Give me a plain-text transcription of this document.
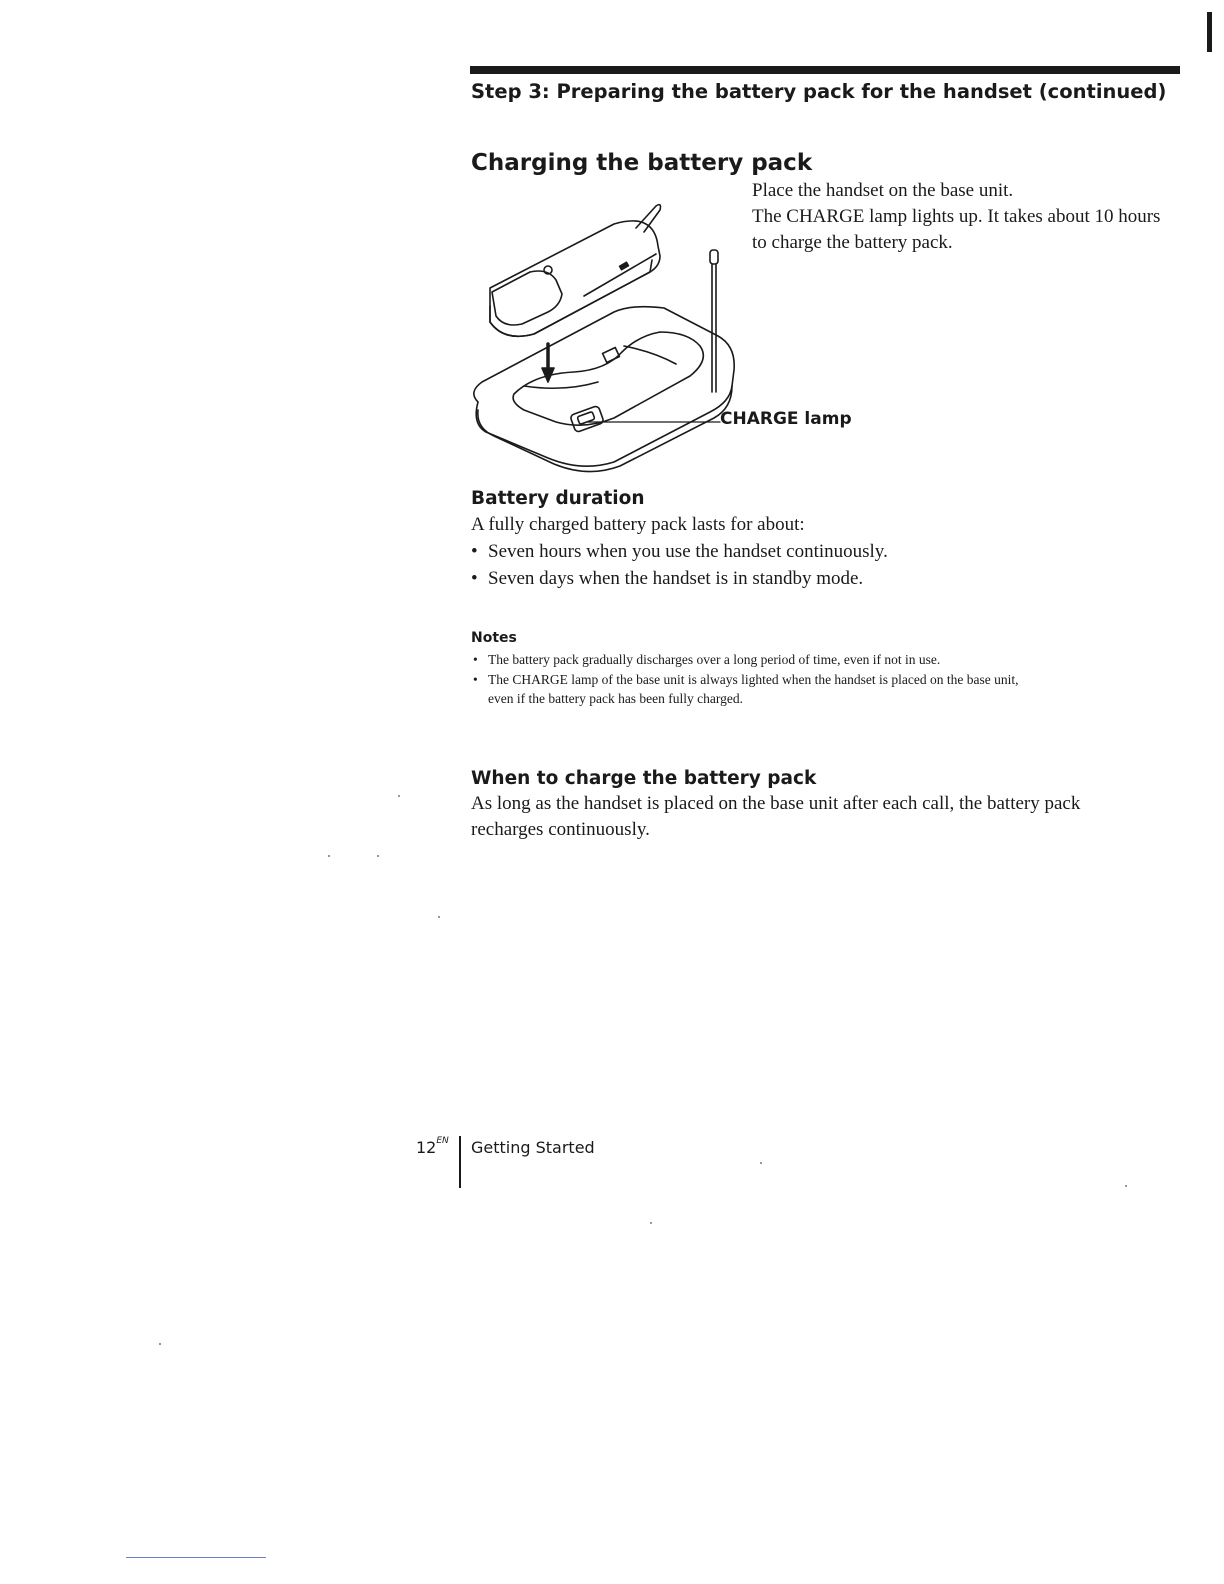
Step 3: Preparing the battery pack for the handset (continued)
Charging the battery pack

Place the handset on the base unit.

The CHARGE lamp lights up. It takes about 10 hours to charge the battery pack.

CHARGE lamp
Battery duration
A fully charged battery pack lasts for about:
• Seven hours when you use the handset continuously.
• Seven days when the handset is in standby mode.
Notes
• The battery pack gradually discharges over a long period of time, even if not in use.
• The CHARGE lamp of the base unit is always lighted when the handset is placed on the base unit, even if the battery pack has been fully charged.
When to charge the battery pack
As long as the handset is placed on the base unit after each call, the battery pack recharges continuously.
$12^{EN}$ Getting Started
